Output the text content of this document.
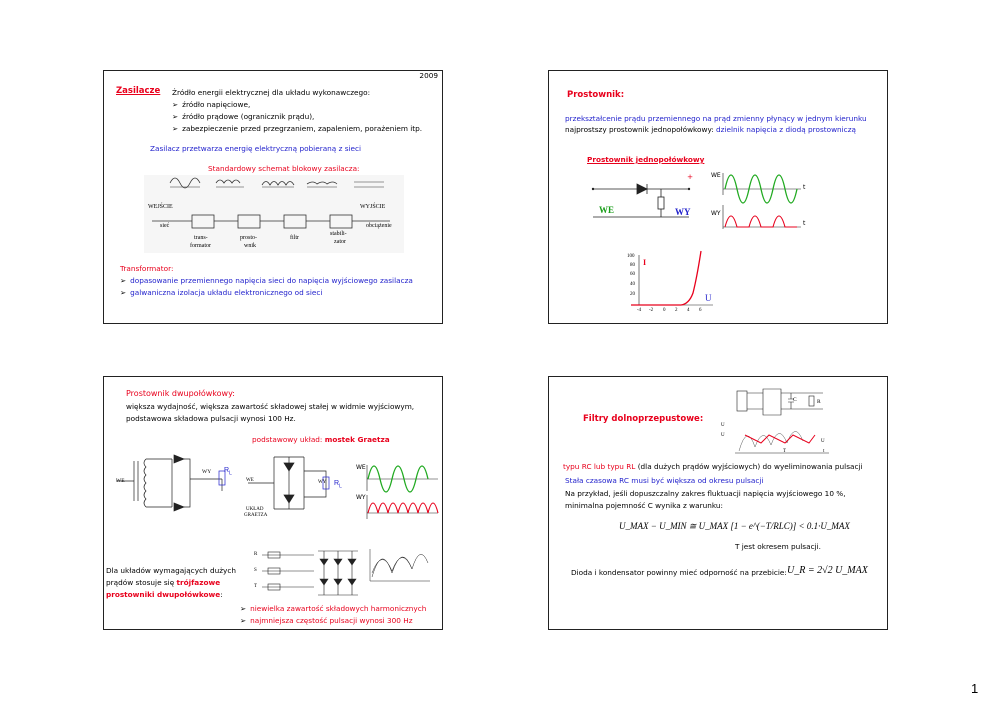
2009
Zasilacze Źródło energii elektrycznej dla układu wykonawczego:
➢ źródło napięciowe,
➢ źródło prądowe (ogranicznik prądu),
➢ zabezpieczenie przed przegrzaniem, zapaleniem, porażeniem itp.
Zasilacz przetwarza energię elektryczną pobieraną z sieci
Standardowy schemat blokowy zasilacza:
WEJŚCIE	WYJŚCIE
sieć	obciążenie
trans-
formator
prosto-
wnik
filtr
stabili-
zator
Transformator:
➢ dopasowanie przemiennego napięcia sieci do napięcia wyjściowego zasilacza
➢ galwaniczna izolacja układu elektronicznego od sieci
Prostownik:
przekształcenie prądu przemiennego na prąd zmienny płynący w jednym kierunku
najprostszy prostownik jednopołówkowy: dzielnik napięcia z diodą prostowniczą
Prostownik jednopołówkowy
+
WE	WY
WE
WY
t
t
100
80
60
40
20
-4 -2 0 2 4 6
I
U
Prostownik dwupołówkowy:
większa wydajność, większa zawartość składowej stałej w widmie wyjściowym,
podstawowa składowa pulsacji wynosi 100 Hz.
podstawowy układ: mostek Graetza
WE
WY $R_L$
WE	WY $R_L$
UKŁAD
GRAETZA
WE
WY
Dla układów wymagających dużych
prądów stosuje się trójfazowe
prostowniki dwupołówkowe:
R
S
T
➢ niewielka zawartość składowych harmonicznych
➢ najmniejsza częstość pulsacji wynosi 300 Hz
Filtry dolnoprzepustowe:
C	R
U
U
U
T	t
typu RC lub typu RL (dla dużych prądów wyjściowych) do wyeliminowania pulsacji
Stała czasowa RC musi być większa od okresu pulsacji
Na przykład, jeśli dopuszczalny zakres fluktuacji napięcia wyjściowego 10 %,
minimalna pojemność C wynika z warunku:
U_MAX − U_MIN ≅ U_MAX [1 − e^(−T/RLC)] < 0.1·U_MAX
T jest okresem pulsacji.
Dioda i kondensator powinny mieć odporność na przebicie: U_R = 2√2 U_MAX
1
